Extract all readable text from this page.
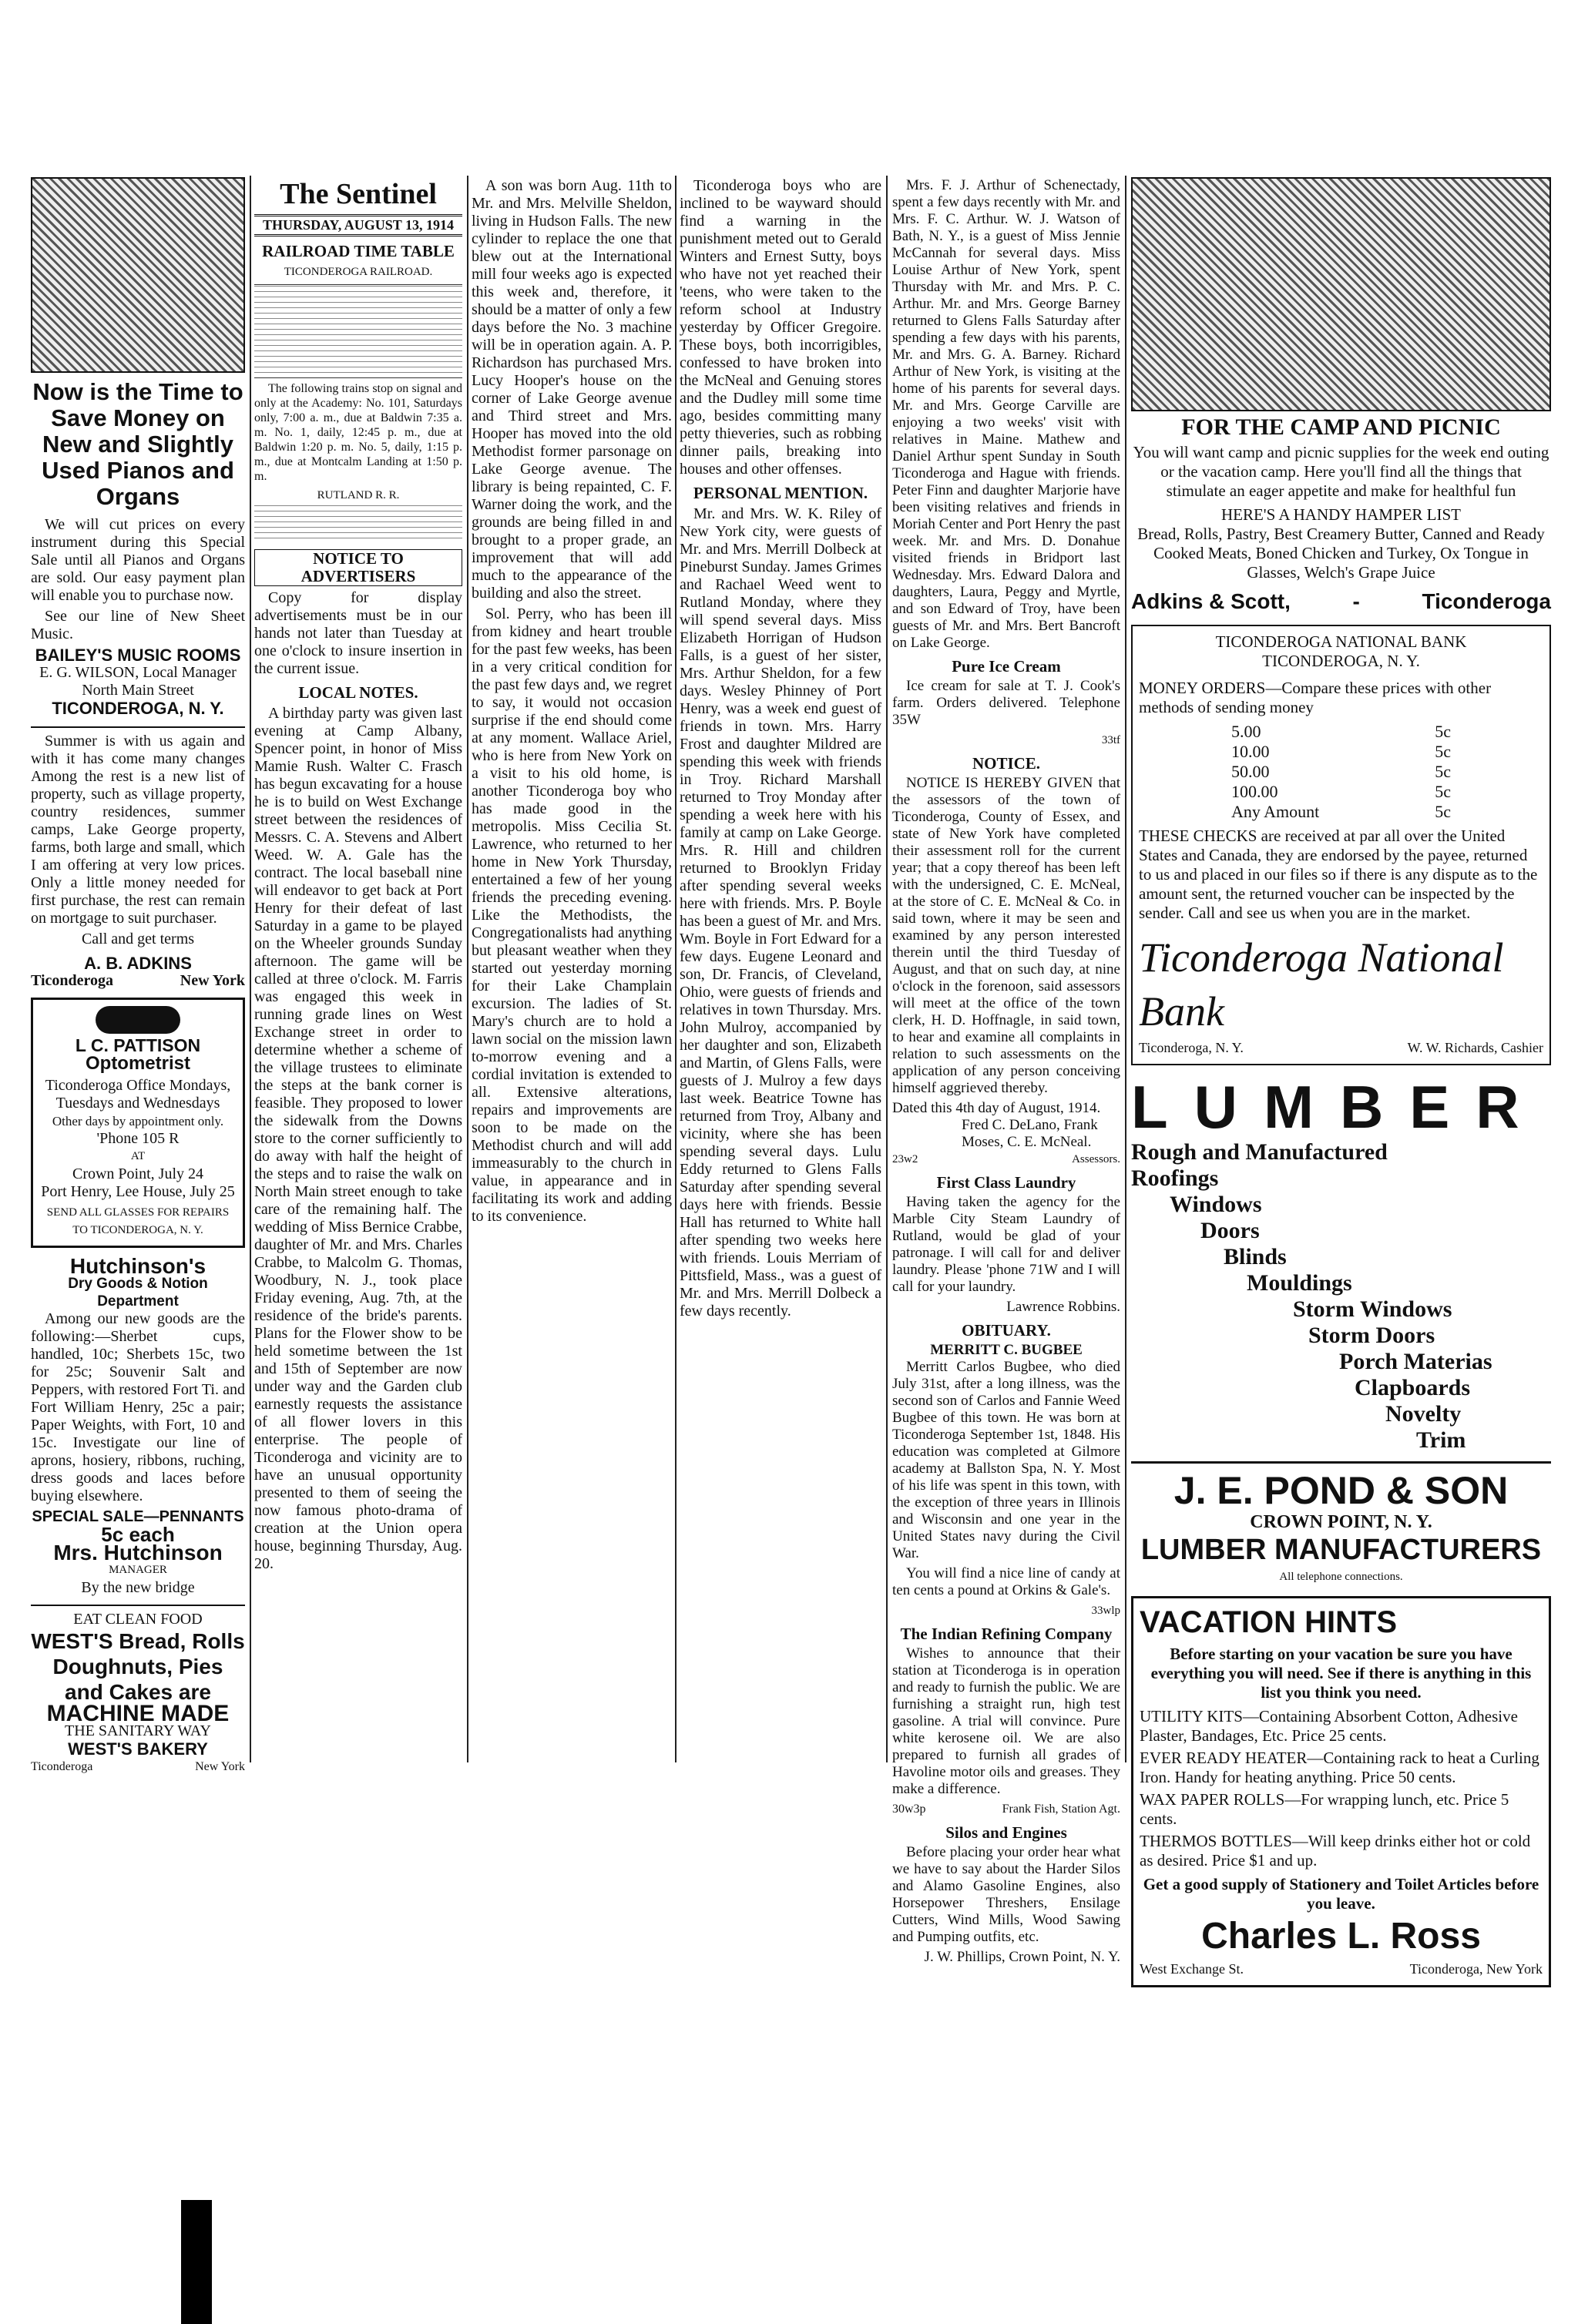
Now is the Time to Save Money on New and Slightly Used Pianos and Organs

We will cut prices on every instrument during this Special Sale until all Pianos and Organs are sold. Our easy payment plan will enable you to purchase now.

See our line of New Sheet Music.

BAILEY'S MUSIC ROOMS
E. G. WILSON, Local Manager
North Main Street
TICONDEROGA, N. Y.

Summer is with us again and with it has come many changes Among the rest is a new list of property, such as village property, country residences, summer camps, Lake George property, farms, both large and small, which I am offering at very low prices. Only a little money needed for first purchase, the rest can remain on mortgage to suit purchaser.

Call and get terms
A. B. ADKINS
Ticonderoga	New York
L C. PATTISON
Optometrist
Ticonderoga Office Mondays, Tuesdays and Wednesdays
Other days by appointment only.
'Phone 105 R
AT
Crown Point, July 24
Port Henry, Lee House, July 25
SEND ALL GLASSES FOR REPAIRS TO TICONDEROGA, N. Y.
Hutchinson's
Dry Goods & Notion Department

Among our new goods are the following:—Sherbet cups, handled, 10c; Sherbets 15c, two for 25c; Souvenir Salt and Peppers, with restored Fort Ti. and Fort William Henry, 25c a pair; Paper Weights, with Fort, 10 and 15c. Investigate our line of aprons, hosiery, ribbons, ruching, dress goods and laces before buying elsewhere.

SPECIAL SALE—PENNANTS
5c each
Mrs. Hutchinson
MANAGER
By the new bridge
EAT CLEAN FOOD
WEST'S Bread, Rolls Doughnuts, Pies and Cakes are
MACHINE MADE
THE SANITARY WAY
WEST'S BAKERY
Ticonderoga	New York
The Sentinel
THURSDAY, AUGUST 13, 1914
RAILROAD TIME TABLE
TICONDEROGA RAILROAD.

The following trains stop on signal and only at the Academy: No. 101, Saturdays only, 7:00 a. m., due at Baldwin 7:35 a. m. No. 1, daily, 12:45 p. m., due at Baldwin 1:20 p. m. No. 5, daily, 1:15 p. m., due at Montcalm Landing at 1:50 p. m.

RUTLAND R. R.
NOTICE TO ADVERTISERS

Copy for display advertisements must be in our hands not later than Tuesday at one o'clock to insure insertion in the current issue.

LOCAL NOTES.

A birthday party was given last evening at Camp Albany, Spencer point, in honor of Miss Mamie Rush. Walter C. Frasch has begun excavating for a house he is to build on West Exchange street between the residences of Messrs. C. A. Stevens and Albert Weed. W. A. Gale has the contract. The local baseball nine will endeavor to get back at Port Henry for their defeat of last Saturday in a game to be played on the Wheeler grounds Sunday afternoon. The game will be called at three o'clock. M. Farris was engaged this week in running grade lines on West Exchange street in order to determine whether a scheme of the village trustees to eliminate the steps at the bank corner is feasible. They proposed to lower the sidewalk from the Downs store to the corner sufficiently to do away with half the height of the steps and to raise the walk on North Main street enough to take care of the remaining half. The wedding of Miss Bernice Crabbe, daughter of Mr. and Mrs. Charles Crabbe, to Malcolm G. Thomas, Woodbury, N. J., took place Friday evening, Aug. 7th, at the residence of the bride's parents. Plans for the Flower show to be held sometime between the 1st and 15th of September are now under way and the Garden club earnestly requests the assistance of all flower lovers in this enterprise. The people of Ticonderoga and vicinity are to have an unusual opportunity presented to them of seeing the now famous photo-drama of creation at the Union opera house, beginning Thursday, Aug. 20.

A son was born Aug. 11th to Mr. and Mrs. Melville Sheldon, living in Hudson Falls. The new cylinder to replace the one that blew out at the International mill four weeks ago is expected this week and, therefore, it should be a matter of only a few days before the No. 3 machine will be in operation again. A. P. Richardson has purchased Mrs. Lucy Hooper's house on the corner of Lake George avenue and Third street and Mrs. Hooper has moved into the old Methodist former parsonage on Lake George avenue. The library is being repainted, C. F. Warner doing the work, and the grounds are being filled in and brought to a proper grade, an improvement that will add much to the appearance of the building and also the street.

Sol. Perry, who has been ill from kidney and heart trouble for the past few weeks, has been in a very critical condition for the past few days and, we regret to say, it would not occasion surprise if the end should come at any moment. Wallace Ariel, who is here from New York on a visit to his old home, is another Ticonderoga boy who has made good in the metropolis. Miss Cecilia St. Lawrence, who returned to her home in New York Thursday, entertained a few of her young friends the preceding evening. Like the Methodists, the Congregationalists had anything but pleasant weather when they started out yesterday morning for their Lake Champlain excursion. The ladies of St. Mary's church are to hold a lawn social on the mission lawn to-morrow evening and a cordial invitation is extended to all. Extensive alterations, repairs and improvements are soon to be made on the Methodist church and will add immeasurably to the church in value, in appearance and in facilitating its work and adding to its convenience.

Ticonderoga boys who are inclined to be wayward should find a warning in the punishment meted out to Gerald Winters and Ernest Sutty, boys who have not yet reached their 'teens, who were taken to the reform school at Industry yesterday by Officer Gregoire. These boys, both incorrigibles, confessed to have broken into the McNeal and Genuing stores and the Dudley mill some time ago, besides committing many petty thieveries, such as robbing dinner pails, breaking into houses and other offenses.

PERSONAL MENTION.

Mr. and Mrs. W. K. Riley of New York city, were guests of Mr. and Mrs. Merrill Dolbeck at Pineburst Sunday. James Grimes and Rachael Weed went to Rutland Monday, where they will spend several days. Miss Elizabeth Horrigan of Hudson Falls, is a guest of her sister, Mrs. Arthur Sheldon, for a few days. Wesley Phinney of Port Henry, was a week end guest of friends in town. Mrs. Harry Frost and daughter Mildred are spending this week with friends in Troy. Richard Marshall returned to Troy Monday after spending a week here with his family at camp on Lake George. Mrs. R. Hill and children returned to Brooklyn Friday after spending several weeks here with friends. Mrs. P. Boyle has been a guest of Mr. and Mrs. Wm. Boyle in Fort Edward for a few days. Eugene Leonard and son, Dr. Francis, of Cleveland, Ohio, were guests of friends and relatives in town Thursday. Mrs. John Mulroy, accompanied by her daughter and son, Elizabeth and Martin, of Glens Falls, were guests of J. Mulroy a few days last week. Beatrice Towne has returned from Troy, Albany and vicinity, where she has been spending several days. Lulu Eddy returned to Glens Falls Saturday after spending several days here with friends. Bessie Hall has returned to White hall after spending two weeks here with friends. Louis Merriam of Pittsfield, Mass., was a guest of Mr. and Mrs. Merrill Dolbeck a few days recently.

Mrs. F. J. Arthur of Schenectady, spent a few days recently with Mr. and Mrs. F. C. Arthur. W. J. Watson of Bath, N. Y., is a guest of Miss Jennie McCannah for several days. Miss Louise Arthur of New York, spent Thursday with Mr. and Mrs. P. C. Arthur. Mr. and Mrs. George Barney returned to Glens Falls Saturday after spending a few days with his parents, Mr. and Mrs. G. A. Barney. Richard Arthur of New York, is visiting at the home of his parents for several days. Mr. and Mrs. George Carville are enjoying a two weeks' visit with relatives in Maine. Mathew and Daniel Arthur spent Sunday in South Ticonderoga and Hague with friends. Peter Finn and daughter Marjorie have been visiting relatives and friends in Moriah Center and Port Henry the past week. Mr. and Mrs. D. Donahue visited friends in Bridport last Wednesday. Mrs. Edward Dalora and daughters, Laura, Peggy and Myrtle, and son Edward of Troy, have been guests of Mr. and Mrs. Bert Bancroft on Lake George.

Pure Ice Cream

Ice cream for sale at T. J. Cook's farm. Orders delivered. Telephone 35W

33tf
NOTICE.

NOTICE IS HEREBY GIVEN that the assessors of the town of Ticonderoga, County of Essex, and state of New York have completed their assessment roll for the current year; that a copy thereof has been left with the undersigned, C. E. McNeal, at the store of C. E. McNeal & Co. in said town, where it may be seen and examined by any person interested therein until the third Tuesday of August, and that on such day, at nine o'clock in the forenoon, said assessors will meet at the office of the town clerk, H. D. Hoffnagle, in said town, to hear and examine all complaints in relation to such assessments on the application of any person conceiving himself aggrieved thereby.

Dated this 4th day of August, 1914.
Fred C. DeLano, Frank Moses, C. E. McNeal.
23w2	Assessors.
First Class Laundry

Having taken the agency for the Marble City Steam Laundry of Rutland, would be glad of your patronage. I will call for and deliver laundry. Please 'phone 71W and I will call for your laundry.

Lawrence Robbins.
OBITUARY.
MERRITT C. BUGBEE

Merritt Carlos Bugbee, who died July 31st, after a long illness, was the second son of Carlos and Fannie Weed Bugbee of this town. He was born at Ticonderoga September 1st, 1848. His education was completed at Gilmore academy at Ballston Spa, N. Y. Most of his life was spent in this town, with the exception of three years in Illinois and Wisconsin and one year in the United States navy during the Civil War.

You will find a nice line of candy at ten cents a pound at Orkins & Gale's.

33wlp
The Indian Refining Company

Wishes to announce that their station at Ticonderoga is in operation and ready to furnish the public. We are furnishing a straight run, high test gasoline. A trial will convince. Pure white kerosene oil. We are also prepared to furnish all grades of Havoline motor oils and greases. They make a difference.

30w3p	Frank Fish, Station Agt.
Silos and Engines

Before placing your order hear what we have to say about the Harder Silos and Alamo Gasoline Engines, also Horsepower Threshers, Ensilage Cutters, Wind Mills, Wood Sawing and Pumping outfits, etc.

J. W. Phillips, Crown Point, N. Y.
FOR THE CAMP AND PICNIC
You will want camp and picnic supplies for the week end outing or the vacation camp. Here you'll find all the things that stimulate an eager appetite and make for healthful fun
HERE'S A HANDY HAMPER LIST
Bread, Rolls, Pastry, Best Creamery Butter, Canned and Ready Cooked Meats, Boned Chicken and Turkey, Ox Tongue in Glasses, Welch's Grape Juice
Adkins & Scott,	-	Ticonderoga
TICONDEROGA NATIONAL BANK
TICONDEROGA, N. Y.
MONEY ORDERS—Compare these prices with other methods of sending money
5.00	5c
10.00	5c
50.00	5c
100.00	5c
Any Amount	5c
THESE CHECKS are received at par all over the United States and Canada, they are endorsed by the payee, returned to us and placed in our files so if there is any dispute as to the amount sent, the returned voucher can be inspected by the sender. Call and see us when you are in the market.
Ticonderoga National Bank
Ticonderoga, N. Y.	W. W. Richards, Cashier
LUMBER
Rough and Manufactured
Roofings
Windows
Doors
Blinds
Mouldings
Storm Windows
Storm Doors
Porch Materias
Clapboards
Novelty
Trim
J. E. POND & SON
CROWN POINT, N. Y.
LUMBER MANUFACTURERS
All telephone connections.
VACATION HINTS
Before starting on your vacation be sure you have everything you will need. See if there is anything in this list you think you need.
UTILITY KITS—Containing Absorbent Cotton, Adhesive Plaster, Bandages, Etc. Price 25 cents.
EVER READY HEATER—Containing rack to heat a Curling Iron. Handy for heating anything. Price 50 cents.
WAX PAPER ROLLS—For wrapping lunch, etc. Price 5 cents.
THERMOS BOTTLES—Will keep drinks either hot or cold as desired. Price $1 and up.
Get a good supply of Stationery and Toilet Articles before you leave.
Charles L. Ross
West Exchange St.	Ticonderoga, New York
